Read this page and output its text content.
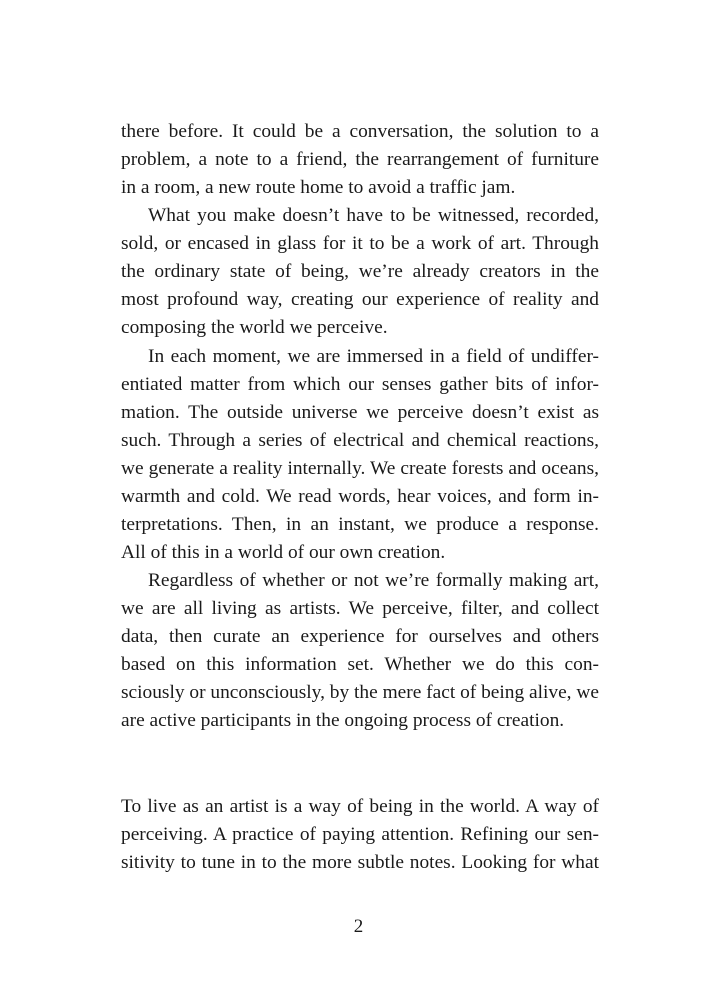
there before. It could be a conversation, the solution to a

problem, a note to a friend, the rearrangement of furniture

in a room, a new route home to avoid a traffic jam.

What you make doesn’t have to be witnessed, recorded,

sold, or encased in glass for it to be a work of art. Through

the ordinary state of being, we’re already creators in the

most profound way, creating our experience of reality and

composing the world we perceive.

In each moment, we are immersed in a field of undiffer-

entiated matter from which our senses gather bits of infor-

mation. The outside universe we perceive doesn’t exist as

such. Through a series of electrical and chemical reactions,

we generate a reality internally. We create forests and oceans,

warmth and cold. We read words, hear voices, and form in-

terpretations. Then, in an instant, we produce a response.

All of this in a world of our own creation.

Regardless of whether or not we’re formally making art,

we are all living as artists. We perceive, filter, and collect

data, then curate an experience for ourselves and others

based on this information set. Whether we do this con-

sciously or unconsciously, by the mere fact of being alive, we

are active participants in the ongoing process of creation.

To live as an artist is a way of being in the world. A way of

perceiving. A practice of paying attention. Refining our sen-

sitivity to tune in to the more subtle notes. Looking for what

2
